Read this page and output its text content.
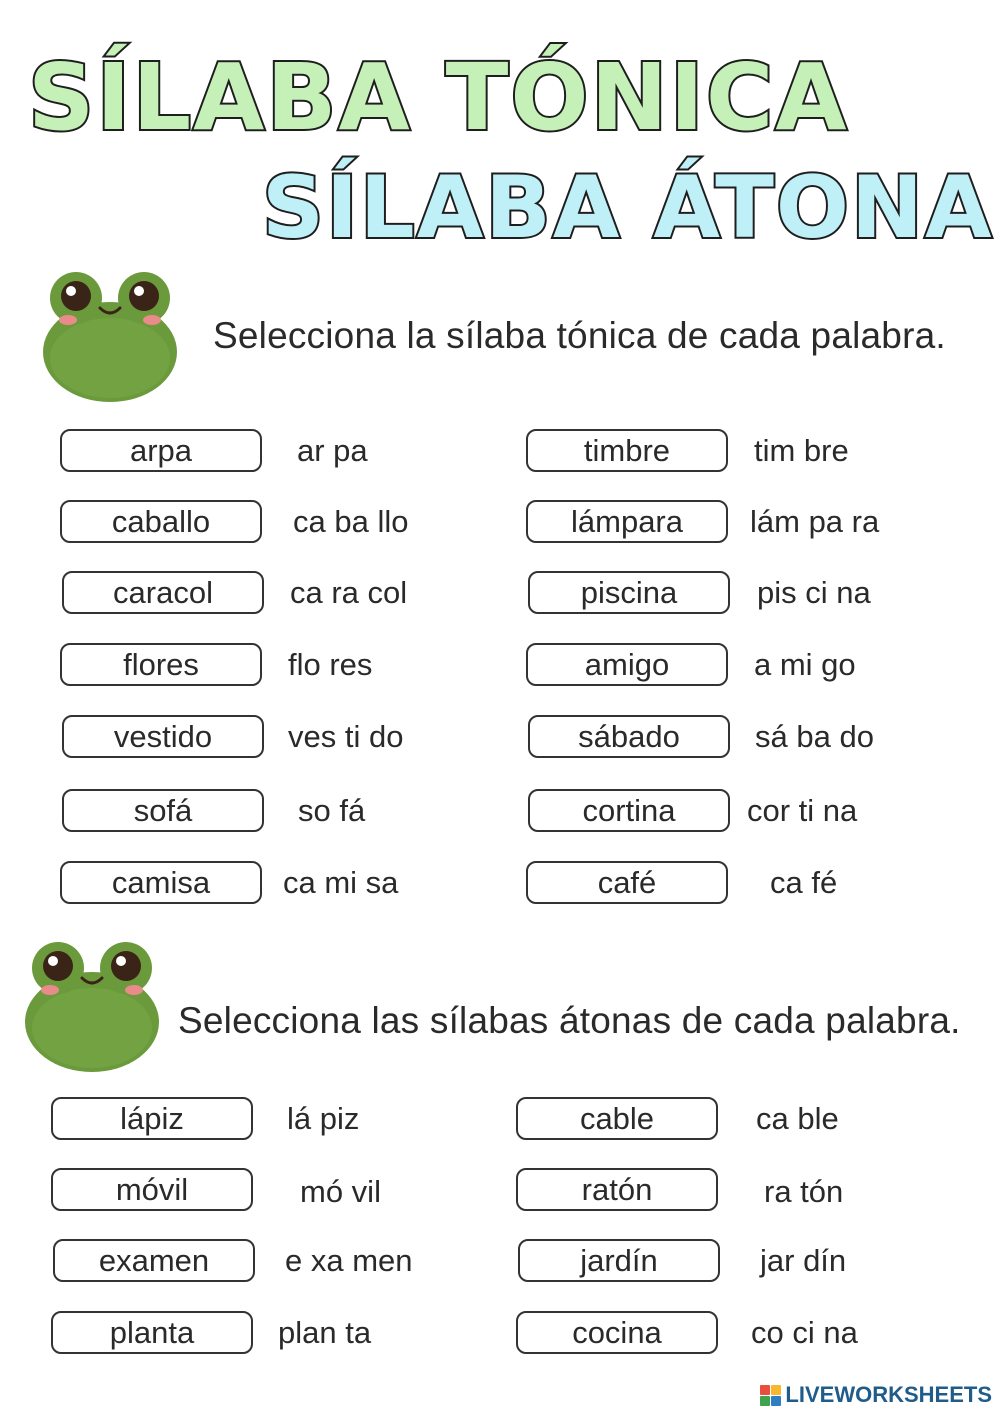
SÍLABA TÓNICA
SÍLABA ÁTONA

Selecciona la sílaba tónica de cada palabra.

arpa	ar pa
caballo	ca ba llo
caracol	ca ra col
flores	flo res
vestido	ves ti do
sofá	so fá
camisa	ca mi sa
timbre	tim bre
lámpara	lám pa ra
piscina	pis ci na
amigo	a mi go
sábado	sá ba do
cortina	cor ti na
café	ca fé

Selecciona las sílabas átonas de cada palabra.

lápiz	lá piz
móvil	mó vil
examen	e xa men
planta	plan ta
cable	ca ble
ratón	ra tón
jardín	jar dín
cocina	co ci na
LIVEWORKSHEETS
